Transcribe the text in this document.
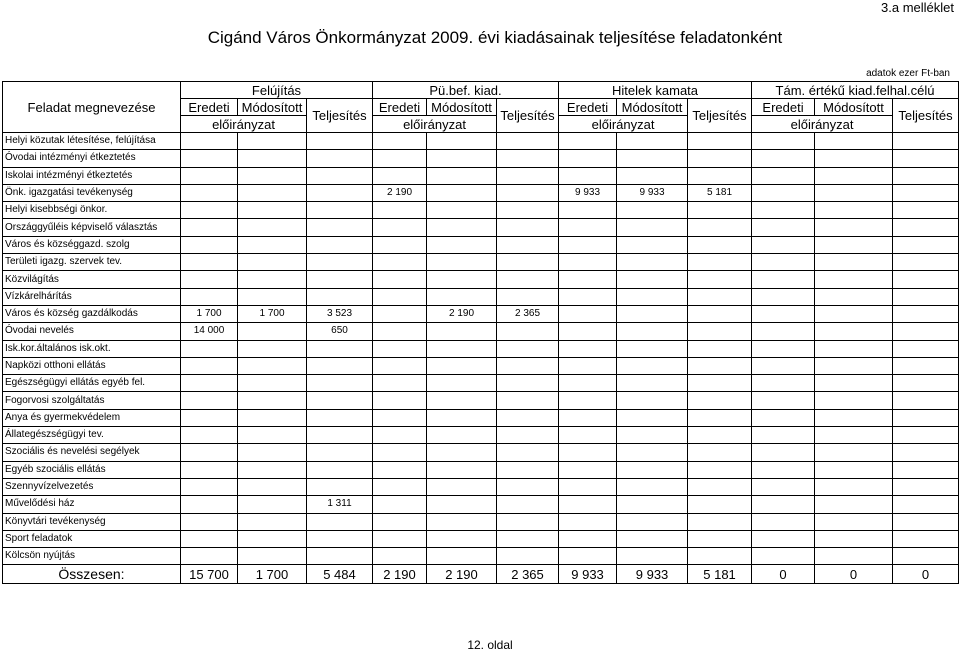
3.a melléklet
Cigánd Város Önkormányzat 2009. évi kiadásainak teljesítése feladatonként
adatok ezer Ft-ban
Feladat megnevezése	Felújítás			Pü.bef. kiad.			Hitelek kamata			Tám. értékű kiad.felhal.célú		
	Eredeti	Módosított	Teljesítés	Eredeti	Módosított	Teljesítés	Eredeti	Módosított	Teljesítés	Eredeti	Módosított	Teljesítés
	előirányzat			előirányzat			előirányzat			előirányzat		
Helyi közutak létesítése, felújítása												
Óvodai intézményi étkeztetés												
Iskolai intézményi étkeztetés												
Önk. igazgatási tevékenység				2 190			9 933	9 933	5 181			
Helyi kisebbségi önkor.												
Országgyűléis képviselő választás												
Város és községgazd. szolg												
Területi igazg. szervek tev.												
Közvilágítás												
Vízkárelhárítás												
Város és község gazdálkodás	1 700	1 700	3 523		2 190	2 365						
Óvodai nevelés	14 000		650									
Isk.kor.általános isk.okt.												
Napközi otthoni ellátás												
Egészségügyi ellátás egyéb fel.												
Fogorvosi szolgáltatás												
Anya és gyermekvédelem												
Állategészségügyi tev.												
Szociális és nevelési segélyek												
Egyéb szociális ellátás												
Szennyvízelvezetés												
Művelődési ház			1 311									
Könyvtári tevékenység												
Sport feladatok												
Kölcsön nyújtás												
Összesen:	15 700	1 700	5 484	2 190	2 190	2 365	9 933	9 933	5 181	0	0	0
12. oldal
